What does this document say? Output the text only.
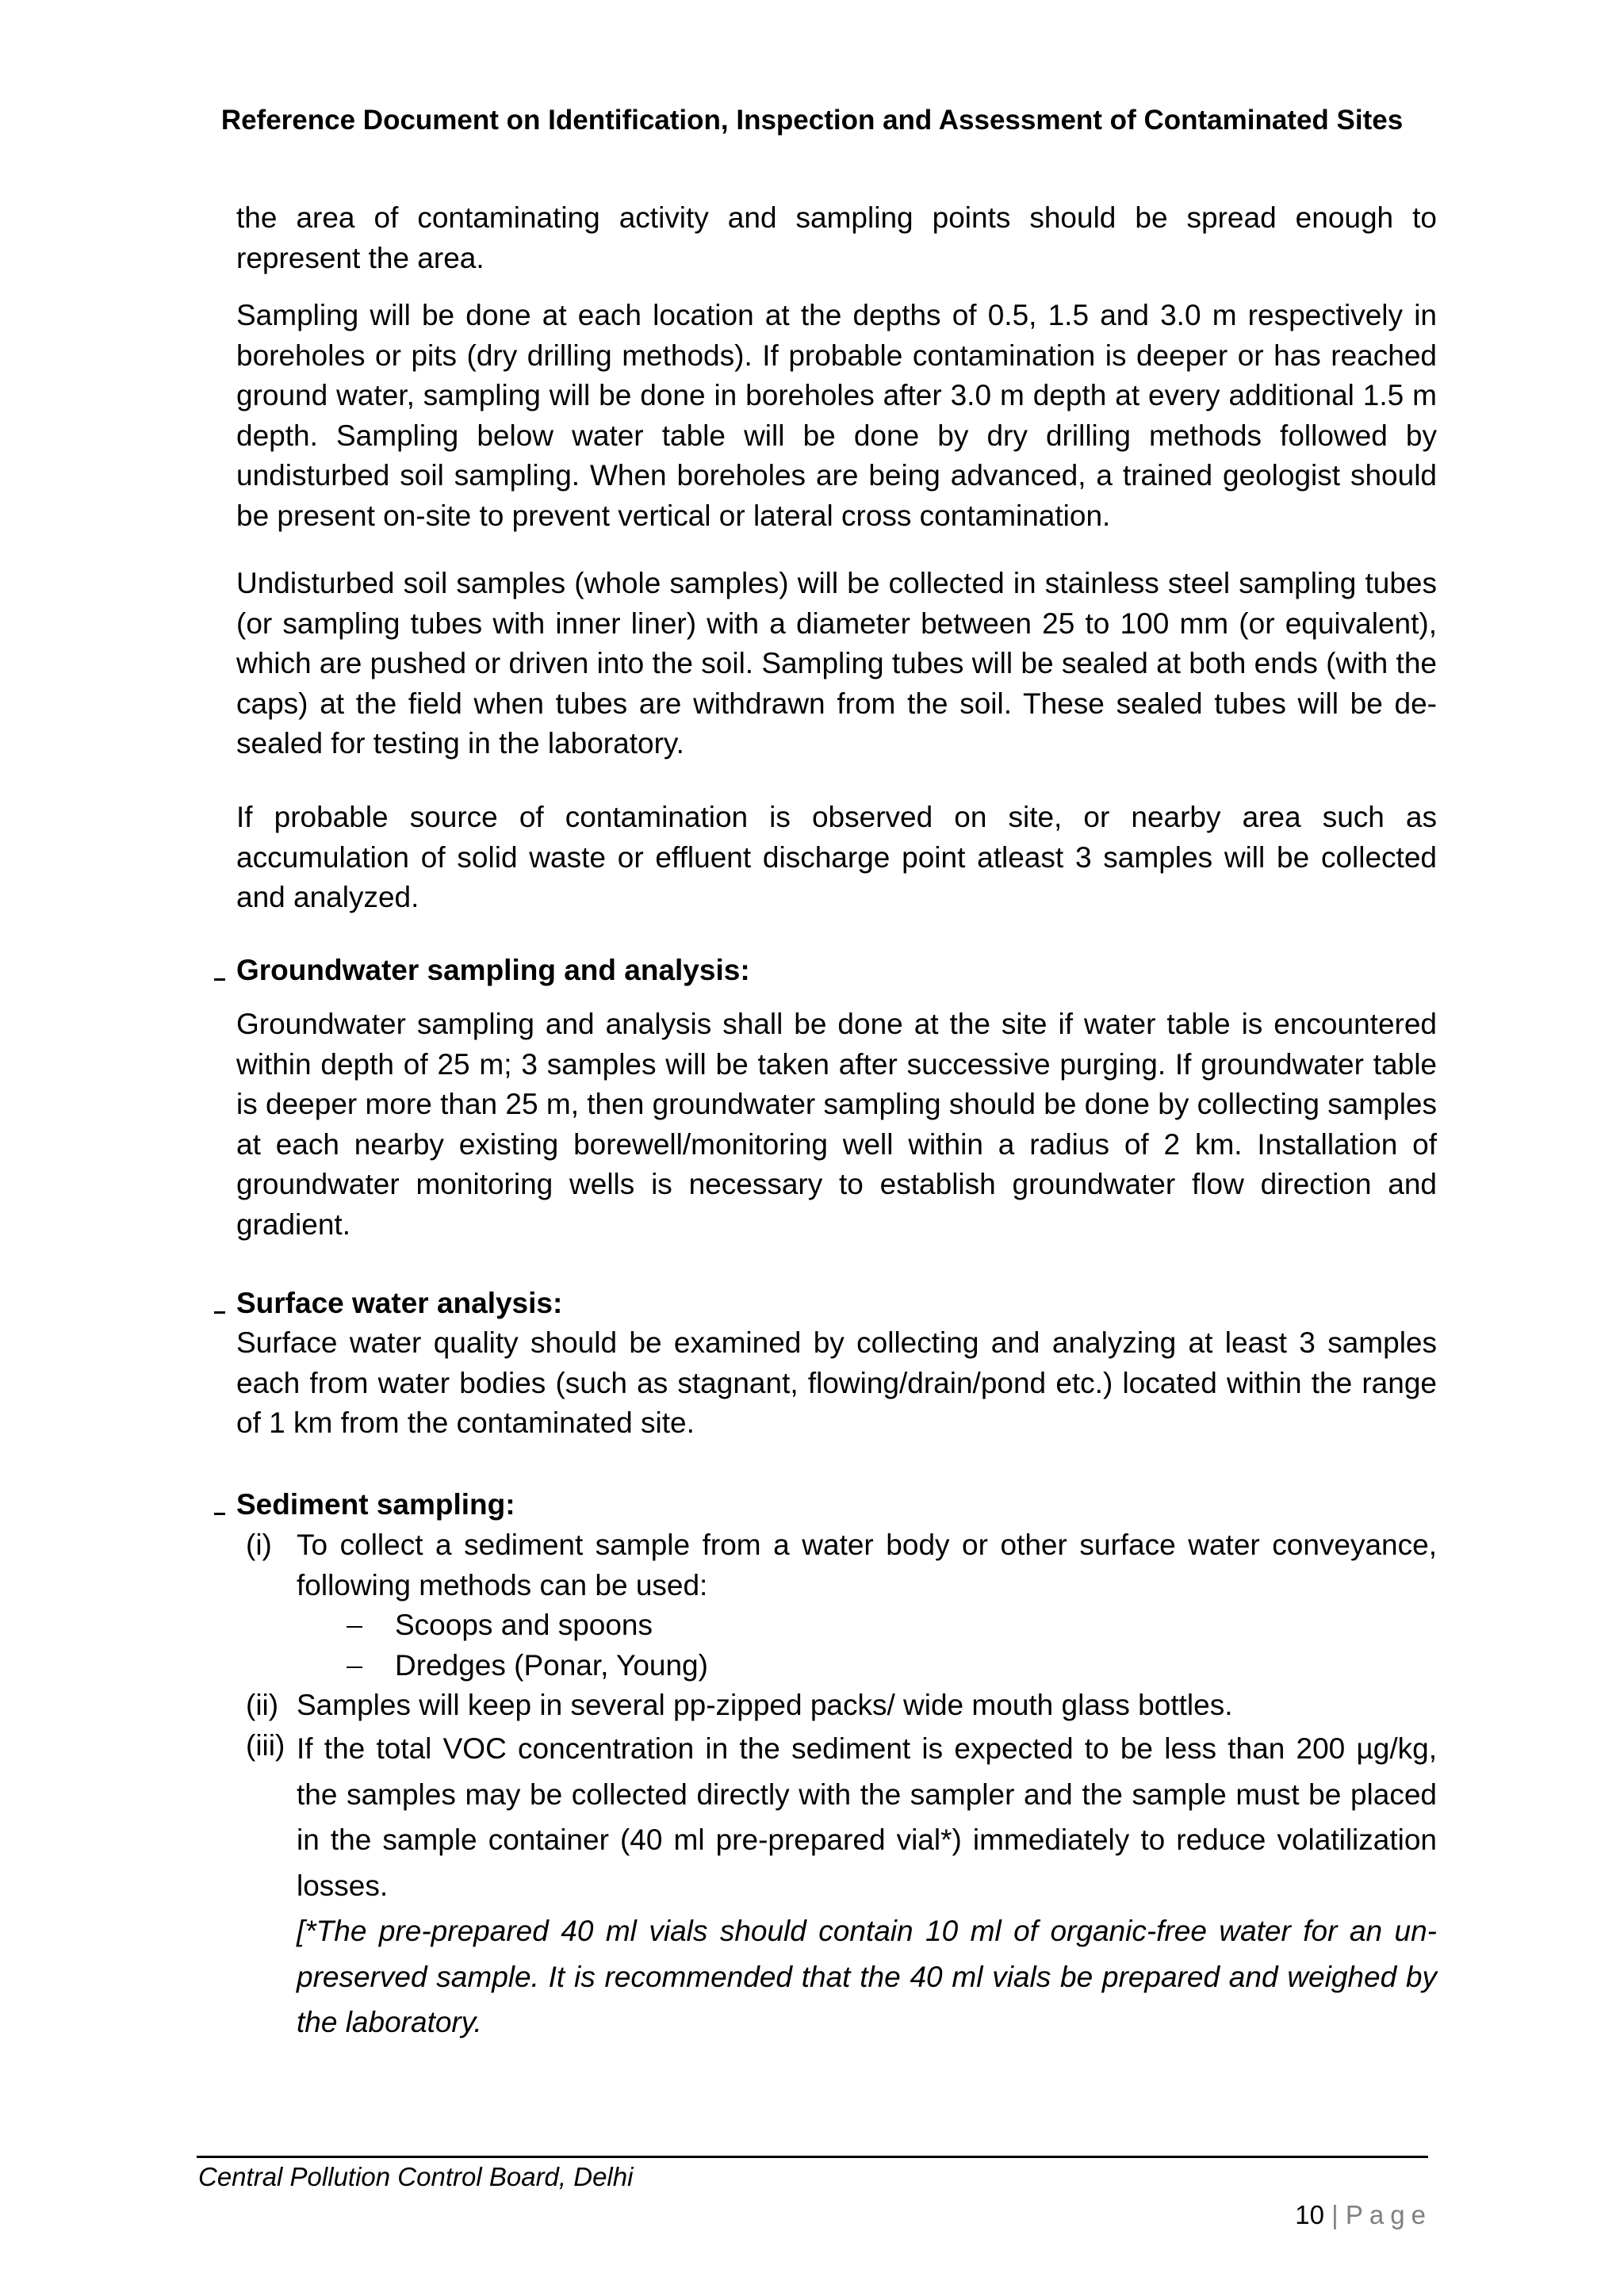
Reference Document on Identification, Inspection and Assessment of Contaminated Sites

the area of contaminating activity and sampling points should be spread enough to represent the area.

Sampling will be done at each location at the depths of 0.5, 1.5 and 3.0 m respectively in boreholes or pits (dry drilling methods). If probable contamination is deeper or has reached ground water, sampling will be done in boreholes after 3.0 m depth at every additional 1.5 m depth. Sampling below water table will be done by dry drilling methods followed by undisturbed soil sampling. When boreholes are being advanced, a trained geologist should be present on-site to prevent vertical or lateral cross contamination.

Undisturbed soil samples (whole samples) will be collected in stainless steel sampling tubes (or sampling tubes with inner liner) with a diameter between 25 to 100 mm (or equivalent), which are pushed or driven into the soil. Sampling tubes will be sealed at both ends (with the caps) at the field when tubes are withdrawn from the soil. These sealed tubes will be de-sealed for testing in the laboratory.

If probable source of contamination is observed on site, or nearby area such as accumulation of solid waste or effluent discharge point atleast 3 samples will be collected and analyzed.

Groundwater sampling and analysis:
Groundwater sampling and analysis shall be done at the site if water table is encountered within depth of 25 m; 3 samples will be taken after successive purging. If groundwater table is deeper more than 25 m, then groundwater sampling should be done by collecting samples at each nearby existing borewell/monitoring well within a radius of 2 km. Installation of groundwater monitoring wells is necessary to establish groundwater flow direction and gradient.
Surface water analysis:
Surface water quality should be examined by collecting and analyzing at least 3 samples each from water bodies (such as stagnant, flowing/drain/pond etc.) located within the range of 1 km from the contaminated site.
Sediment sampling:
(i) To collect a sediment sample from a water body or other surface water conveyance, following methods can be used:
Scoops and spoons
Dredges (Ponar, Young)
(ii) Samples will keep in several pp-zipped packs/ wide mouth glass bottles.
(iii) If the total VOC concentration in the sediment is expected to be less than 200 µg/kg, the samples may be collected directly with the sampler and the sample must be placed in the sample container (40 ml pre-prepared vial*) immediately to reduce volatilization losses.
[*The pre-prepared 40 ml vials should contain 10 ml of organic-free water for an un-preserved sample. It is recommended that the 40 ml vials be prepared and weighed by the laboratory.
Central Pollution Control Board, Delhi
10 | Page
